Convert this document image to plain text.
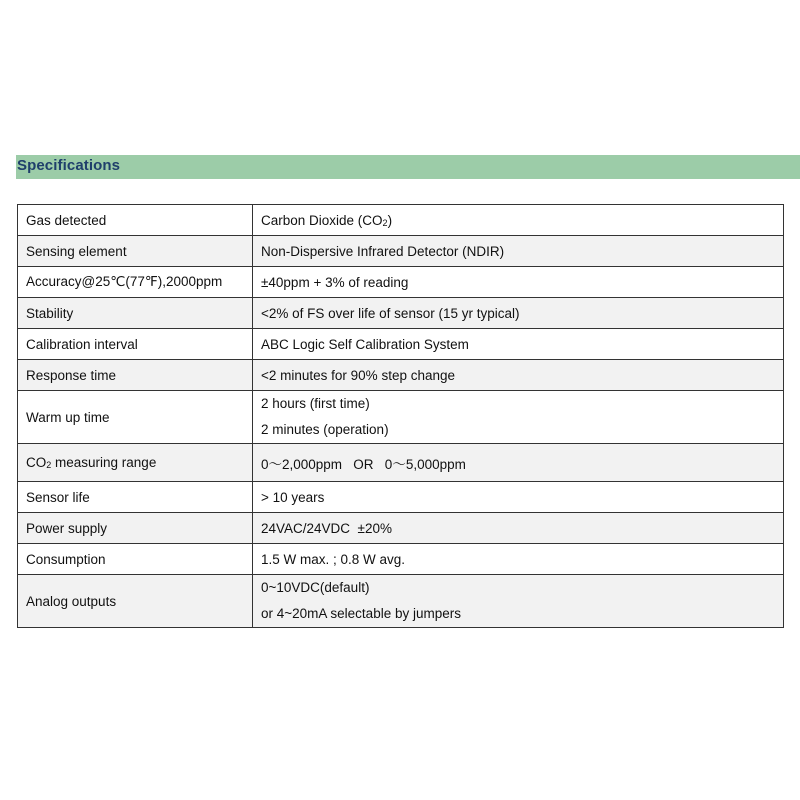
Specifications
Gas detected	Carbon Dioxide $(CO_2)$
Sensing element	Non-Dispersive Infrared Detector (NDIR)
Accuracy@25℃(77℉),2000ppm	±40ppm + 3% of reading
Stability	<2% of FS over life of sensor (15 yr typical)
Calibration interval	ABC Logic Self Calibration System
Response time	<2 minutes for 90% step change
Warm up time	2 hours (first time)
2 minutes (operation)

$CO_2$ measuring range	0～2,000ppm   OR   0～5,000ppm
Sensor life	> 10 years
Power supply	24VAC/24VDC  ±20%
Consumption	1.5 W max. ; 0.8 W avg.
Analog outputs	0~10VDC(default)
or 4~20mA selectable by jumpers
